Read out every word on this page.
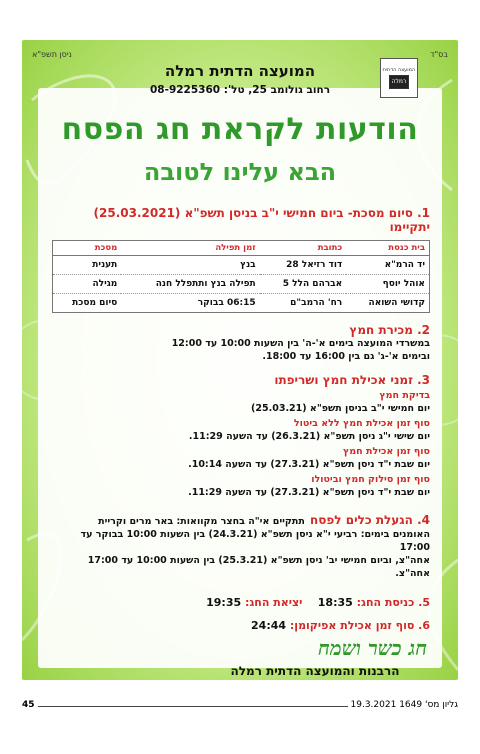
בס"ד
ניסן תשפ"א
המועצה הדתית
רמלה
המועצה הדתית רמלה
רחוב גולומב 25, טל': 08-9225360
הודעות לקראת חג הפסח
הבא עלינו לטובה
1. סיום מסכת- ביום חמישי י"ב בניסן תשפ"א (25.03.2021) יתקיימו
בית כנסת	כתובת	זמן תפילה	מסכת
יד הרמ"א	דוד רזיאל 28	בנץ	תענית
אוהל יוסף	אברהם הלל 5	תפילה בנץ ותתפלל חנה	מגילה
קדושי השואה	רח' הרמב"ם	06:15 בבוקר	סיום מסכת
2. מכירת חמץ
במשרדי המועצה בימים א'-ה' בין השעות 10:00 עד 12:00
ובימים א'-ג' גם בין 16:00 עד 18:00.
3. זמני אכילת חמץ ושריפתו
בדיקת חמץ
יום חמישי י"ב בניסן תשפ"א (25.03.21)
סוף זמן אכילת חמץ ללא ביטול
יום שישי י"ג ניסן תשפ"א (26.3.21) עד השעה 11:29.
סוף זמן אכילת חמץ
יום שבת י"ד ניסן תשפ"א (27.3.21) עד השעה 10:14.
סוף זמן סילוק חמץ וביטולו
יום שבת י"ד ניסן תשפ"א (27.3.21) עד השעה 11:29.
4. הגעלת כלים לפסח תתקיים אי"ה בחצר מקוואות: באר מרים וקריית
האומנים בימים: רביעי י"א ניסן תשפ"א (24.3.21) בין השעות 10:00 בבוקר עד 17:00
אחה"צ, וביום חמישי יב' ניסן תשפ"א (25.3.21) בין השעות 10:00 עד 17:00 אחה"צ.
5. כניסת החג: 18:35    יציאת החג: 19:35
6. סוף זמן אכילת אפיקומן: 24:44
חג כשר ושמח
הרבנות והמועצה הדתית רמלה
45	גליון מס' 1649 19.3.2021
